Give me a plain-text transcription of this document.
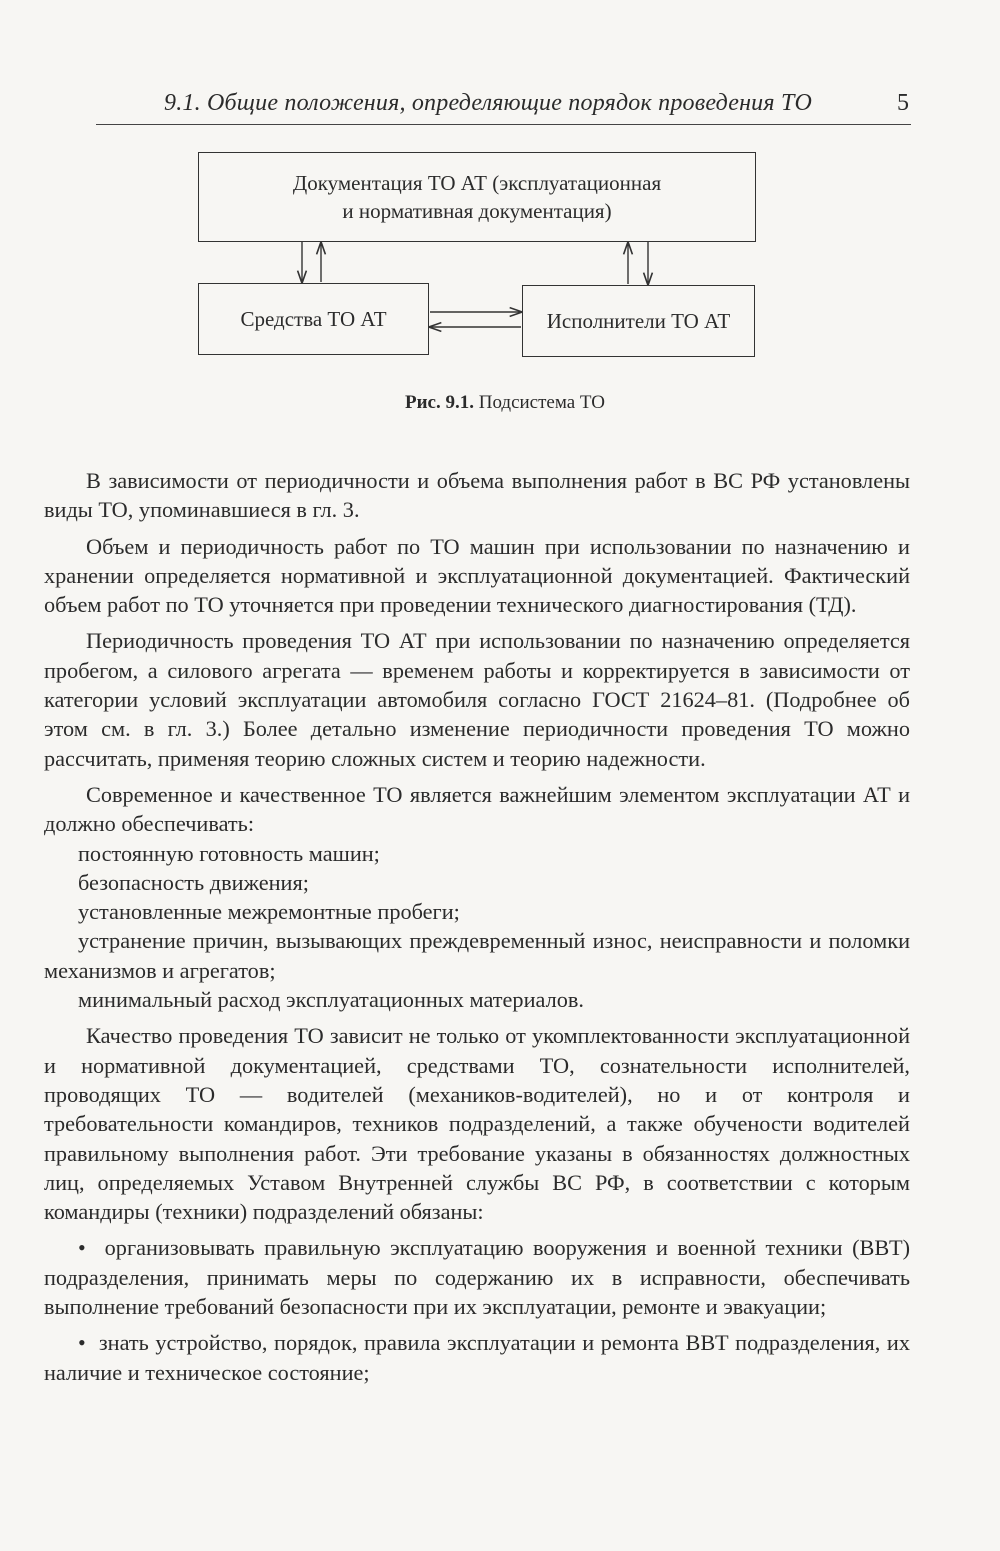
9.1. Общие положения, определяющие порядок проведения ТО	5
Документация ТО АТ (эксплуатационная
и нормативная документация)
Средства ТО АТ	Исполнители ТО АТ
Рис. 9.1. Подсистема ТО

В зависимости от периодичности и объема выполнения работ в ВС РФ установлены виды ТО, упоминавшиеся в гл. 3.

Объем и периодичность работ по ТО машин при использовании по назначению и хранении определяется нормативной и эксплуатационной документацией. Фактический объем работ по ТО уточняется при проведении технического диагностирования (ТД).

Периодичность проведения ТО АТ при использовании по назначению определяется пробегом, а силового агрегата — временем работы и корректируется в зависимости от категории условий эксплуатации автомобиля согласно ГОСТ 21624–81. (Подробнее об этом см. в гл. 3.) Более детально изменение периодичности проведения ТО можно рассчитать, применяя теорию сложных систем и теорию надежности.

Современное и качественное ТО является важнейшим элементом эксплуатации АТ и должно обеспечивать:

постоянную готовность машин;

безопасность движения;

установленные межремонтные пробеги;

устранение причин, вызывающих преждевременный износ, неисправности и поломки механизмов и агрегатов;

минимальный расход эксплуатационных материалов.

Качество проведения ТО зависит не только от укомплектованности эксплуатационной и нормативной документацией, средствами ТО, сознательности исполнителей, проводящих ТО — водителей (механиков-водителей), но и от контроля и требовательности командиров, техников подразделений, а также обучености водителей правильному выполнения работ. Эти требование указаны в обязанностях должностных лиц, определяемых Уставом Внутренней службы ВС РФ, в соответствии с которым командиры (техники) подразделений обязаны:

• организовывать правильную эксплуатацию вооружения и военной техники (ВВТ) подразделения, принимать меры по содержанию их в исправности, обеспечивать выполнение требований безопасности при их эксплуатации, ремонте и эвакуации;

• знать устройство, порядок, правила эксплуатации и ремонта ВВТ подразделения, их наличие и техническое состояние;
